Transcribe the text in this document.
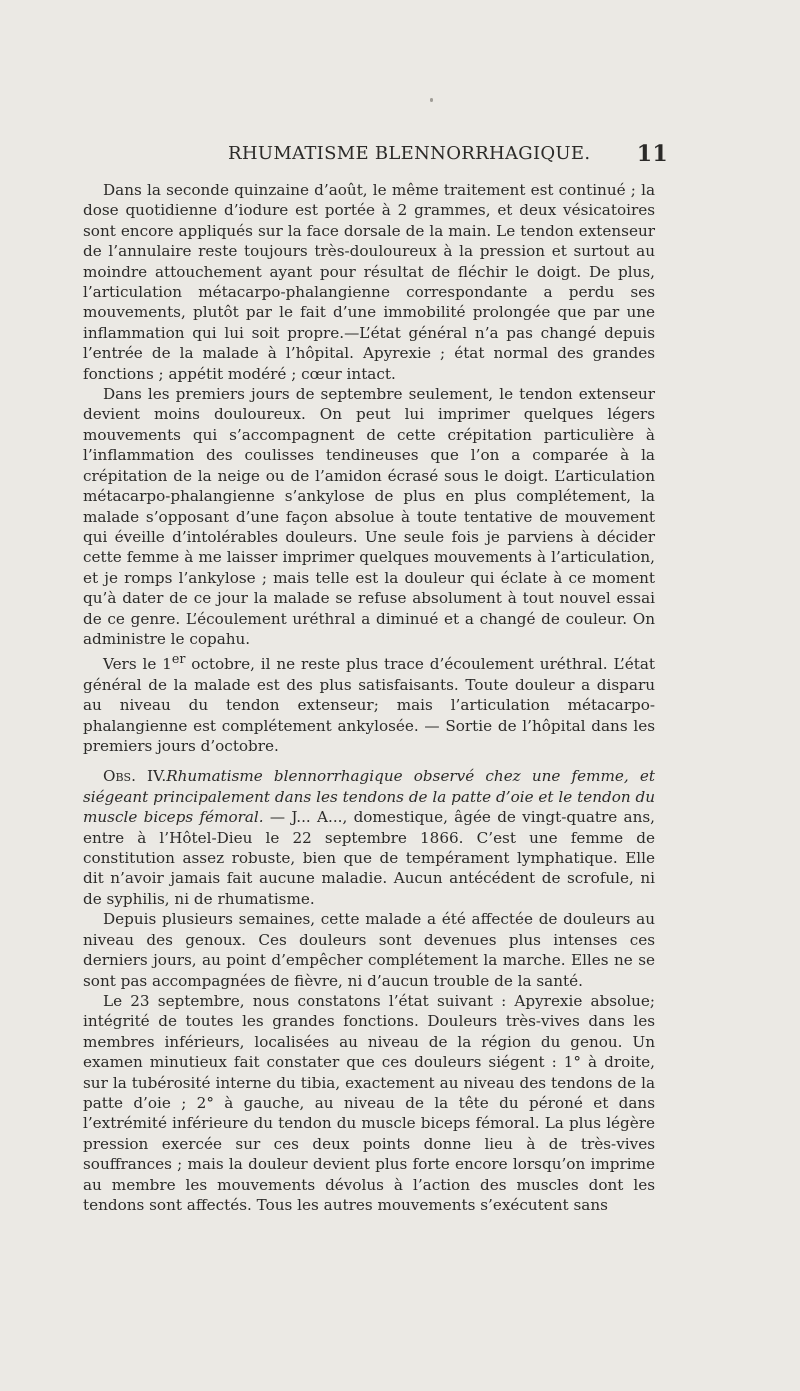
RHUMATISME BLENNORRHAGIQUE. 11

Dans la seconde quinzaine d’août, le même traitement est continué ; la dose quotidienne d’iodure est portée à 2 grammes, et deux vésicatoires sont encore appliqués sur la face dorsale de la main. Le tendon extenseur de l’annulaire reste toujours très-douloureux à la pression et surtout au moindre attouchement ayant pour résultat de fléchir le doigt. De plus, l’articulation métacarpo-phalangienne correspondante a perdu ses mouvements, plutôt par le fait d’une immobilité prolongée que par une inflammation qui lui soit propre.—L’état général n’a pas changé depuis l’entrée de la malade à l’hôpital. Apyrexie ; état normal des grandes fonctions ; appétit modéré ; cœur intact.

Dans les premiers jours de septembre seulement, le tendon extenseur devient moins douloureux. On peut lui imprimer quelques légers mouvements qui s’accompagnent de cette crépitation particulière à l’inflammation des coulisses tendineuses que l’on a comparée à la crépitation de la neige ou de l’amidon écrasé sous le doigt. L’articulation métacarpo-phalangienne s’ankylose de plus en plus complétement, la malade s’opposant d’une façon absolue à toute tentative de mouvement qui éveille d’intolérables douleurs. Une seule fois je parviens à décider cette femme à me laisser imprimer quelques mouvements à l’articulation, et je romps l’ankylose ; mais telle est la douleur qui éclate à ce moment qu’à dater de ce jour la malade se refuse absolument à tout nouvel essai de ce genre. L’écoulement uréthral a diminué et a changé de couleur. On administre le copahu.

Vers le 1er octobre, il ne reste plus trace d’écoulement uréthral. L’état général de la malade est des plus satisfaisants. Toute douleur a disparu au niveau du tendon extenseur; mais l’articulation métacarpo-phalangienne est complétement ankylosée. — Sortie de l’hôpital dans les premiers jours d’octobre.

Obs. IV.Rhumatisme blennorrhagique observé chez une femme, et siégeant principalement dans les tendons de la patte d’oie et le tendon du muscle biceps fémoral. — J... A..., domestique, âgée de vingt-quatre ans, entre à l’Hôtel-Dieu le 22 septembre 1866. C’est une femme de constitution assez robuste, bien que de tempérament lymphatique. Elle dit n’avoir jamais fait aucune maladie. Aucun antécédent de scrofule, ni de syphilis, ni de rhumatisme.

Depuis plusieurs semaines, cette malade a été affectée de douleurs au niveau des genoux. Ces douleurs sont devenues plus intenses ces derniers jours, au point d’empêcher complétement la marche. Elles ne se sont pas accompagnées de fièvre, ni d’aucun trouble de la santé.

Le 23 septembre, nous constatons l’état suivant : Apyrexie absolue; intégrité de toutes les grandes fonctions. Douleurs très-vives dans les membres inférieurs, localisées au niveau de la région du genou. Un examen minutieux fait constater que ces douleurs siégent : 1° à droite, sur la tubérosité interne du tibia, exactement au niveau des tendons de la patte d’oie ; 2° à gauche, au niveau de la tête du péroné et dans l’extrémité inférieure du tendon du muscle biceps fémoral. La plus légère pression exercée sur ces deux points donne lieu à de très-vives souffrances ; mais la douleur devient plus forte encore lorsqu’on imprime au membre les mouvements dévolus à l’action des muscles dont les tendons sont affectés. Tous les autres mouvements s’exécutent sans
